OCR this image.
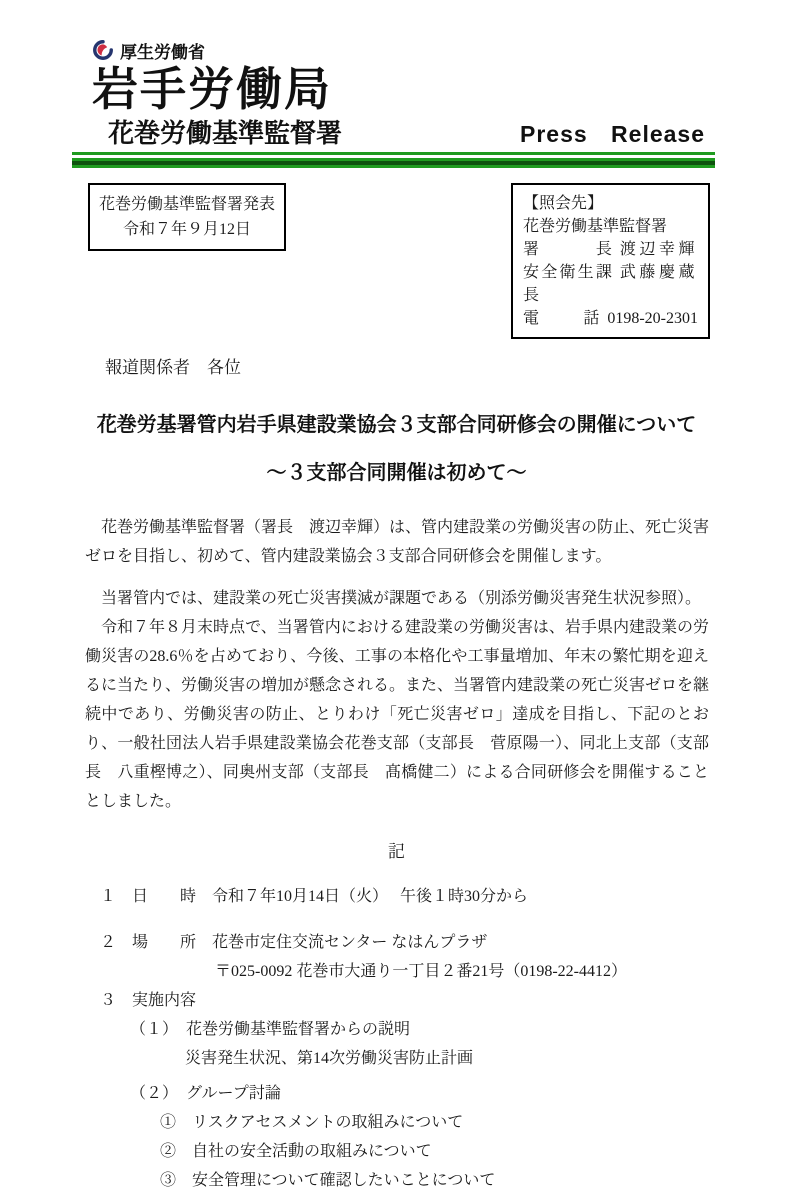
厚生労働省
岩手労働局
花巻労働基準監督署	Press Release
花巻労働基準監督署発表
令和７年９月12日
【照会先】
花巻労働基準監督署
署長 渡辺幸輝
安全衛生課長
武藤慶蔵
電話 0198-20-2301
報道関係者　各位
花巻労基署管内岩手県建設業協会３支部合同研修会の開催について
～３支部合同開催は初めて～

花巻労働基準監督署（署長　渡辺幸輝）は、管内建設業の労働災害の防止、死亡災害ゼロを目指し、初めて、管内建設業協会３支部合同研修会を開催します。

当署管内では、建設業の死亡災害撲滅が課題である（別添労働災害発生状況参照）。

令和７年８月末時点で、当署管内における建設業の労働災害は、岩手県内建設業の労働災害の28.6％を占めており、今後、工事の本格化や工事量増加、年末の繁忙期を迎えるに当たり、労働災害の増加が懸念される。また、当署管内建設業の死亡災害ゼロを継続中であり、労働災害の防止、とりわけ「死亡災害ゼロ」達成を目指し、下記のとおり、一般社団法人岩手県建設業協会花巻支部（支部長　菅原陽一）、同北上支部（支部長　八重樫博之）、同奥州支部（支部長　髙橋健二）による合同研修会を開催することとしました。

記
１　日　　時　令和７年10月14日（火）　 午後１時30分から
２　場　　所　花巻市定住交流センター なはんプラザ
〒025-0092 花巻市大通り一丁目２番21号（0198-22-4412）
３　実施内容
（１）　花巻労働基準監督署からの説明
災害発生状況、第14次労働災害防止計画
（２）　グループ討論
①　リスクアセスメントの取組みについて
②　自社の安全活動の取組みについて
③　安全管理について確認したいことについて
